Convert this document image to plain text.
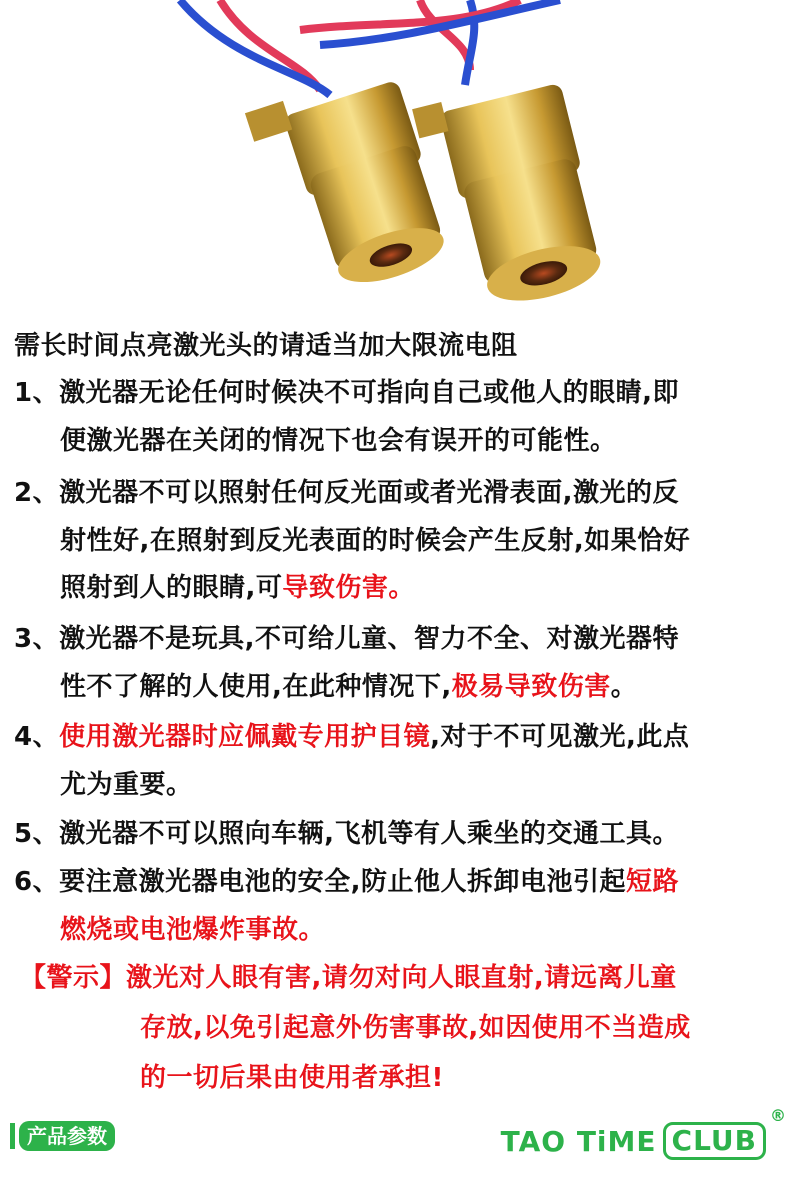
需长时间点亮激光头的请适当加大限流电阻
1、激光器无论任何时候决不可指向自己或他人的眼睛,即
便激光器在关闭的情况下也会有误开的可能性。
2、激光器不可以照射任何反光面或者光滑表面,激光的反
射性好,在照射到反光表面的时候会产生反射,如果恰好
照射到人的眼睛,可导致伤害。
3、激光器不是玩具,不可给儿童、智力不全、对激光器特
性不了解的人使用,在此种情况下,极易导致伤害。
4、使用激光器时应佩戴专用护目镜,对于不可见激光,此点
尤为重要。
5、激光器不可以照向车辆,飞机等有人乘坐的交通工具。
6、要注意激光器电池的安全,防止他人拆卸电池引起短路
燃烧或电池爆炸事故。
【警示】激光对人眼有害,请勿对向人眼直射,请远离儿童
存放,以免引起意外伤害事故,如因使用不当造成
的一切后果由使用者承担!
产品参数	TAO TiME CLUB
®
